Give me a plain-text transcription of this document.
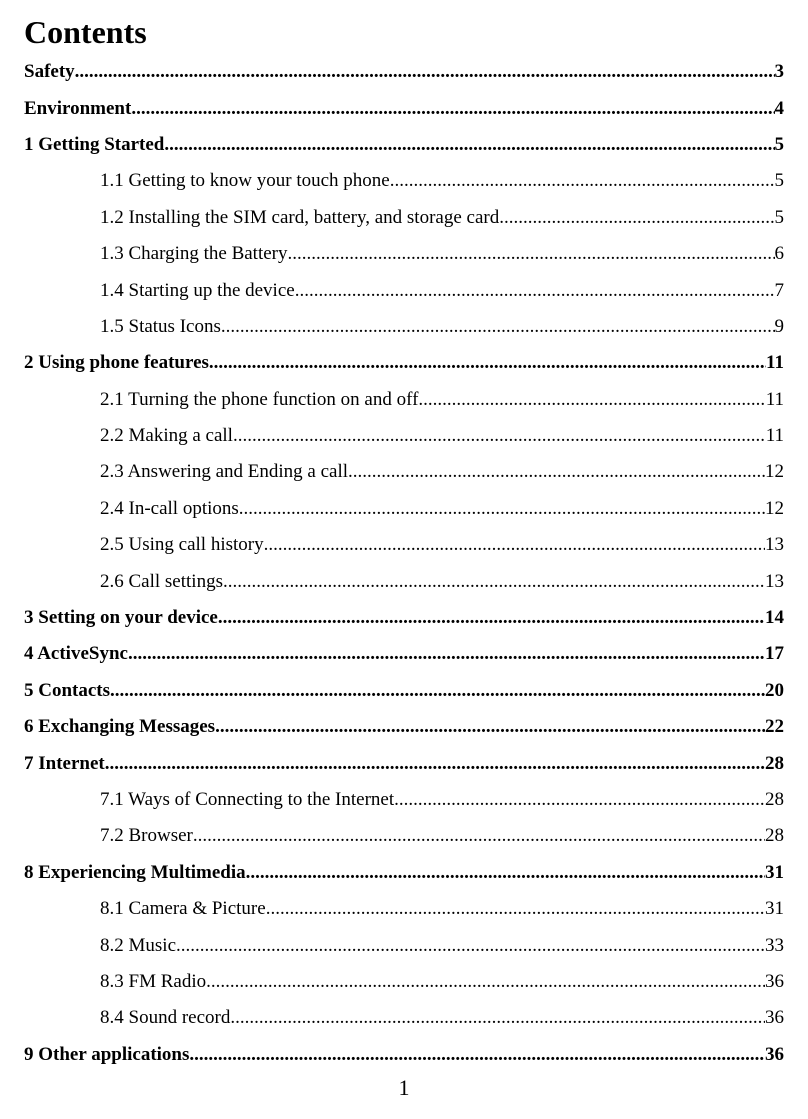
Contents
Safety .....	3
Environment .....	4
1 Getting Started .....	5
1.1 Getting to know your touch phone .....	5
1.2 Installing the SIM card, battery, and storage card .....	5
1.3 Charging the Battery .....	6
1.4 Starting up the device .....	7
1.5 Status Icons .....	9
2 Using phone features .....	11
2.1 Turning the phone function on and off .....	11
2.2 Making a call .....	11
2.3 Answering and Ending a call .....	12
2.4 In-call options .....	12
2.5 Using call history .....	13
2.6 Call settings .....	13
3 Setting on your device .....	14
4 ActiveSync .....	17
5 Contacts .....	20
6 Exchanging Messages .....	22
7 Internet .....	28
7.1 Ways of Connecting to the Internet .....	28
7.2 Browser .....	28
8 Experiencing Multimedia .....	31
8.1 Camera & Picture .....	31
8.2 Music .....	33
8.3 FM Radio .....	36
8.4 Sound record .....	36
9 Other applications .....	36
1
